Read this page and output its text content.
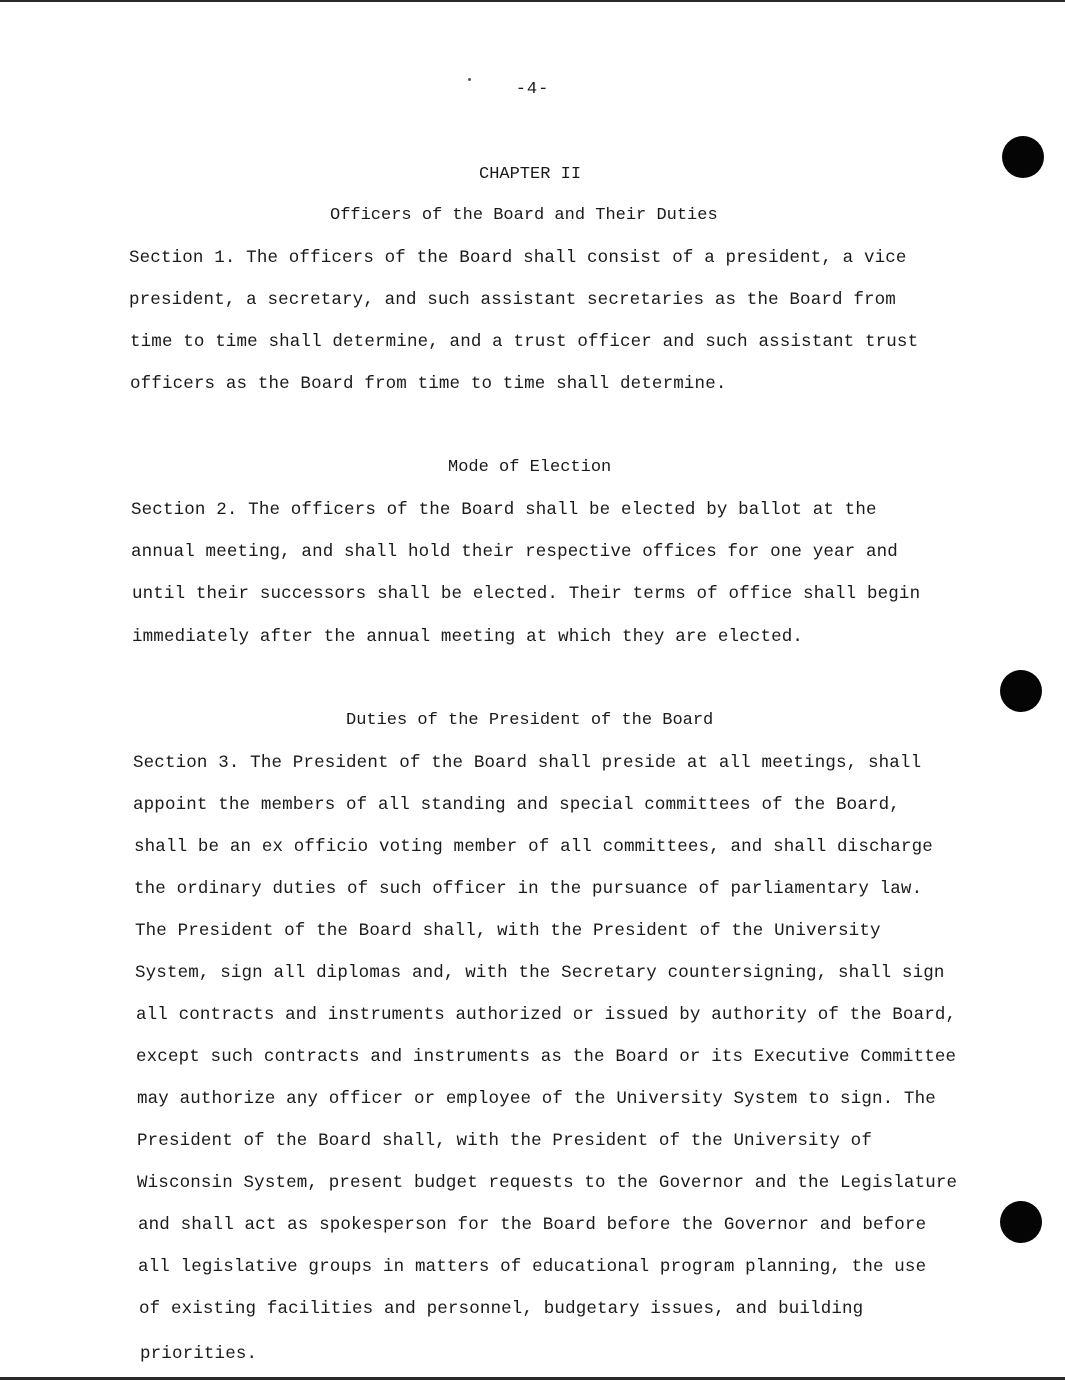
-4-
CHAPTER II
Officers of the Board and Their Duties
Section 1. The officers of the Board shall consist of a president, a vice
president, a secretary, and such assistant secretaries as the Board from
time to time shall determine, and a trust officer and such assistant trust
officers as the Board from time to time shall determine.
Mode of Election
Section 2. The officers of the Board shall be elected by ballot at the
annual meeting, and shall hold their respective offices for one year and
until their successors shall be elected. Their terms of office shall begin
immediately after the annual meeting at which they are elected.
Duties of the President of the Board
Section 3. The President of the Board shall preside at all meetings, shall
appoint the members of all standing and special committees of the Board,
shall be an ex officio voting member of all committees, and shall discharge
the ordinary duties of such officer in the pursuance of parliamentary law.
The President of the Board shall, with the President of the University
System, sign all diplomas and, with the Secretary countersigning, shall sign
all contracts and instruments authorized or issued by authority of the Board,
except such contracts and instruments as the Board or its Executive Committee
may authorize any officer or employee of the University System to sign. The
President of the Board shall, with the President of the University of
Wisconsin System, present budget requests to the Governor and the Legislature
and shall act as spokesperson for the Board before the Governor and before
all legislative groups in matters of educational program planning, the use
of existing facilities and personnel, budgetary issues, and building
priorities.
